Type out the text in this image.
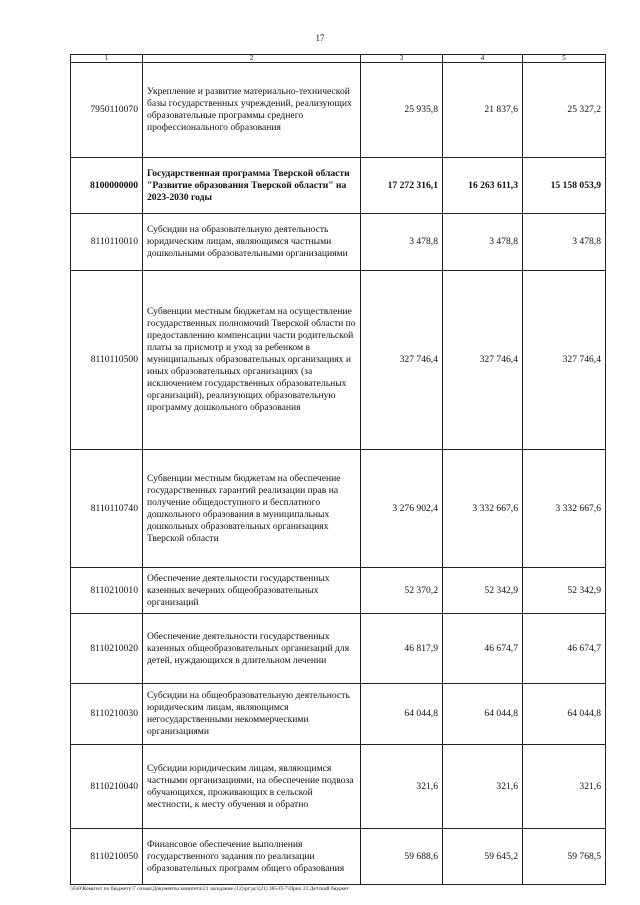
17
1	2	3	4	5
7950110070	Укрепление и развитие материально-технической базы государственных учреждений, реализующих образовательные программы среднего профессионального образования	25 935,8	21 837,6	25 327,2
8100000000	Государственная программа Тверской области "Развитие образования Тверской области" на 2023-2030 годы	17 272 316,1	16 263 611,3	15 158 053,9
8110110010	Субсидии на образовательную деятельность юридическим лицам, являющимся частными дошкольными образовательными организациями	3 478,8	3 478,8	3 478,8
8110110500	Субвенции местным бюджетам на осуществление государственных полномочий Тверской области по предоставлению компенсации части родительской платы за присмотр и уход за ребенком в муниципальных образовательных организациях и иных образовательных организациях (за исключением государственных образовательных организаций), реализующих образовательную программу дошкольного образования	327 746,4	327 746,4	327 746,4
8110110740	Субвенции местным бюджетам на обеспечение государственных гарантий реализации прав на получение общедоступного и бесплатного дошкольного образования в муниципальных дошкольных образовательных организациях Тверской области	3 276 902,4	3 332 667,6	3 332 667,6
8110210010	Обеспечение деятельности государственных казенных вечерних общеобразовательных организаций	52 370,2	52 342,9	52 342,9
8110210020	Обеспечение деятельности государственных казенных общеобразовательных организаций для детей, нуждающихся в длительном лечении	46 817,9	46 674,7	46 674,7
8110210030	Субсидии на общеобразовательную деятельность юридическим лицам, являющимся негосударственными некоммерческими организациями	64 044,8	64 044,8	64 044,8
8110210040	Субсидии юридическим лицам, являющимся частными организациями, на обеспечение подвоза обучающихся, проживающих в сельской местности, к месту обучения и обратно	321,6	321,6	321,6
8110210050	Финансовое обеспечение выполнения государственного задания по реализации образовательных программ общего образования	59 688,6	59 645,2	59 768,5
\\Fs0\Комитет по бюджету\7 созыв\Документы комитета\21 заседание (12)\рг\дс\(21) 385-П-7\Прил 23 Детский бюджет
